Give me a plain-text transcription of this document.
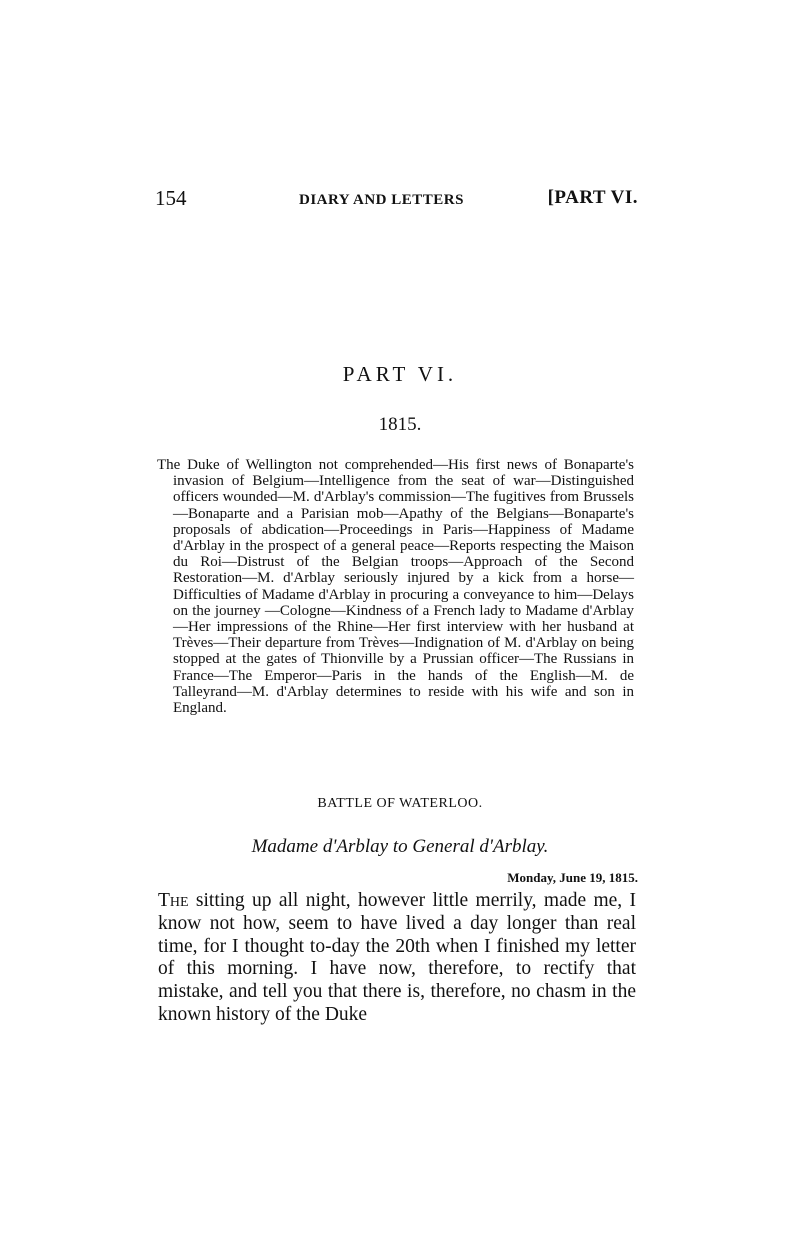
154	DIARY AND LETTERS	[PART VI.
PART VI.
1815.

The Duke of Wellington not comprehended—His first news of Bonaparte's invasion of Belgium—Intelligence from the seat of war—Distinguished officers wounded—M. d'Arblay's commission—The fugitives from Brussels—Bonaparte and a Parisian mob—Apathy of the Belgians—Bonaparte's proposals of abdication—Proceedings in Paris—Happiness of Madame d'Arblay in the prospect of a general peace—Reports respecting the Maison du Roi—Distrust of the Belgian troops—Approach of the Second Restoration—M. d'Arblay seriously injured by a kick from a horse—Difficulties of Madame d'Arblay in procuring a conveyance to him—Delays on the journey —Cologne—Kindness of a French lady to Madame d'Arblay—Her impressions of the Rhine—Her first interview with her husband at Trèves—Their departure from Trèves—Indignation of M. d'Arblay on being stopped at the gates of Thionville by a Prussian officer—The Russians in France—The Emperor—Paris in the hands of the English—M. de Talleyrand—M. d'Arblay determines to reside with his wife and son in England.

BATTLE OF WATERLOO.
Madame d'Arblay to General d'Arblay.
Monday, June 19, 1815.

The sitting up all night, however little merrily, made me, I know not how, seem to have lived a day longer than real time, for I thought to-day the 20th when I finished my letter of this morning. I have now, therefore, to rectify that mistake, and tell you that there is, therefore, no chasm in the known history of the Duke
